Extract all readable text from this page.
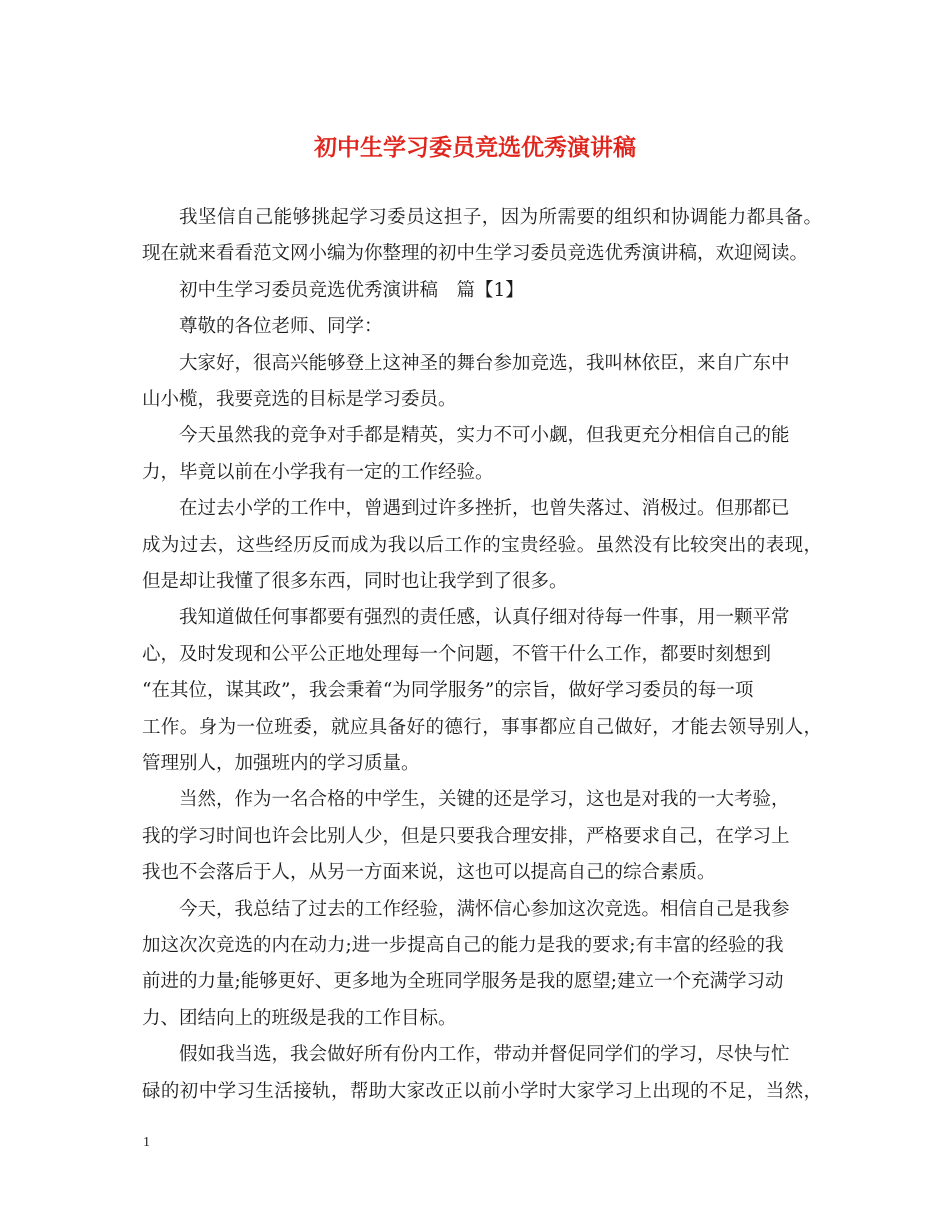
初中生学习委员竞选优秀演讲稿
我坚信自己能够挑起学习委员这担子，因为所需要的组织和协调能力都具备。
现在就来看看范文网小编为你整理的初中生学习委员竞选优秀演讲稿，欢迎阅读。
初中生学习委员竞选优秀演讲稿　篇【1】
尊敬的各位老师、同学：
大家好，很高兴能够登上这神圣的舞台参加竞选，我叫林依臣，来自广东中
山小榄，我要竞选的目标是学习委员。
今天虽然我的竞争对手都是精英，实力不可小觑，但我更充分相信自己的能
力，毕竟以前在小学我有一定的工作经验。
在过去小学的工作中，曾遇到过许多挫折，也曾失落过、消极过。但那都已
成为过去，这些经历反而成为我以后工作的宝贵经验。虽然没有比较突出的表现，
但是却让我懂了很多东西，同时也让我学到了很多。
我知道做任何事都要有强烈的责任感，认真仔细对待每一件事，用一颗平常
心，及时发现和公平公正地处理每一个问题，不管干什么工作，都要时刻想到
“在其位，谋其政”，我会秉着“为同学服务”的宗旨，做好学习委员的每一项
工作。身为一位班委，就应具备好的德行，事事都应自己做好，才能去领导别人，
管理别人，加强班内的学习质量。
当然，作为一名合格的中学生，关键的还是学习，这也是对我的一大考验，
我的学习时间也许会比别人少，但是只要我合理安排，严格要求自己，在学习上
我也不会落后于人，从另一方面来说，这也可以提高自己的综合素质。
今天，我总结了过去的工作经验，满怀信心参加这次竞选。相信自己是我参
加这次次竞选的内在动力;进一步提高自己的能力是我的要求;有丰富的经验的我
前进的力量;能够更好、更多地为全班同学服务是我的愿望;建立一个充满学习动
力、团结向上的班级是我的工作目标。
假如我当选，我会做好所有份内工作，带动并督促同学们的学习，尽快与忙
碌的初中学习生活接轨，帮助大家改正以前小学时大家学习上出现的不足，当然，
1
